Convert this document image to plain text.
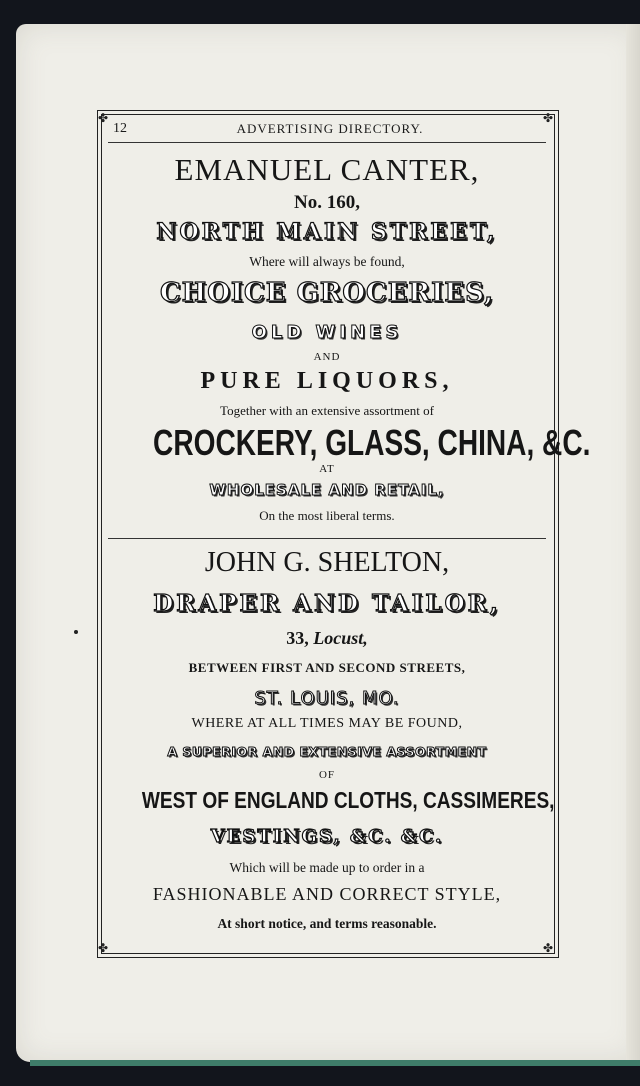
✤	✤
✤	✤
12	ADVERTISING DIRECTORY.
EMANUEL CANTER,
No. 160,
NORTH MAIN STREET,
Where will always be found,
CHOICE GROCERIES,
OLD WINES
AND
PURE LIQUORS,
Together with an extensive assortment of
CROCKERY, GLASS, CHINA, &C.
AT
WHOLESALE AND RETAIL,
On the most liberal terms.
JOHN G. SHELTON,
DRAPER AND TAILOR,
33, Locust,
BETWEEN FIRST AND SECOND STREETS,
ST. LOUIS, MO.
WHERE AT ALL TIMES MAY BE FOUND,
A SUPERIOR AND EXTENSIVE ASSORTMENT
OF
WEST OF ENGLAND CLOTHS, CASSIMERES,
VESTINGS, &C. &C.
Which will be made up to order in a
FASHIONABLE AND CORRECT STYLE,
At short notice, and terms reasonable.
